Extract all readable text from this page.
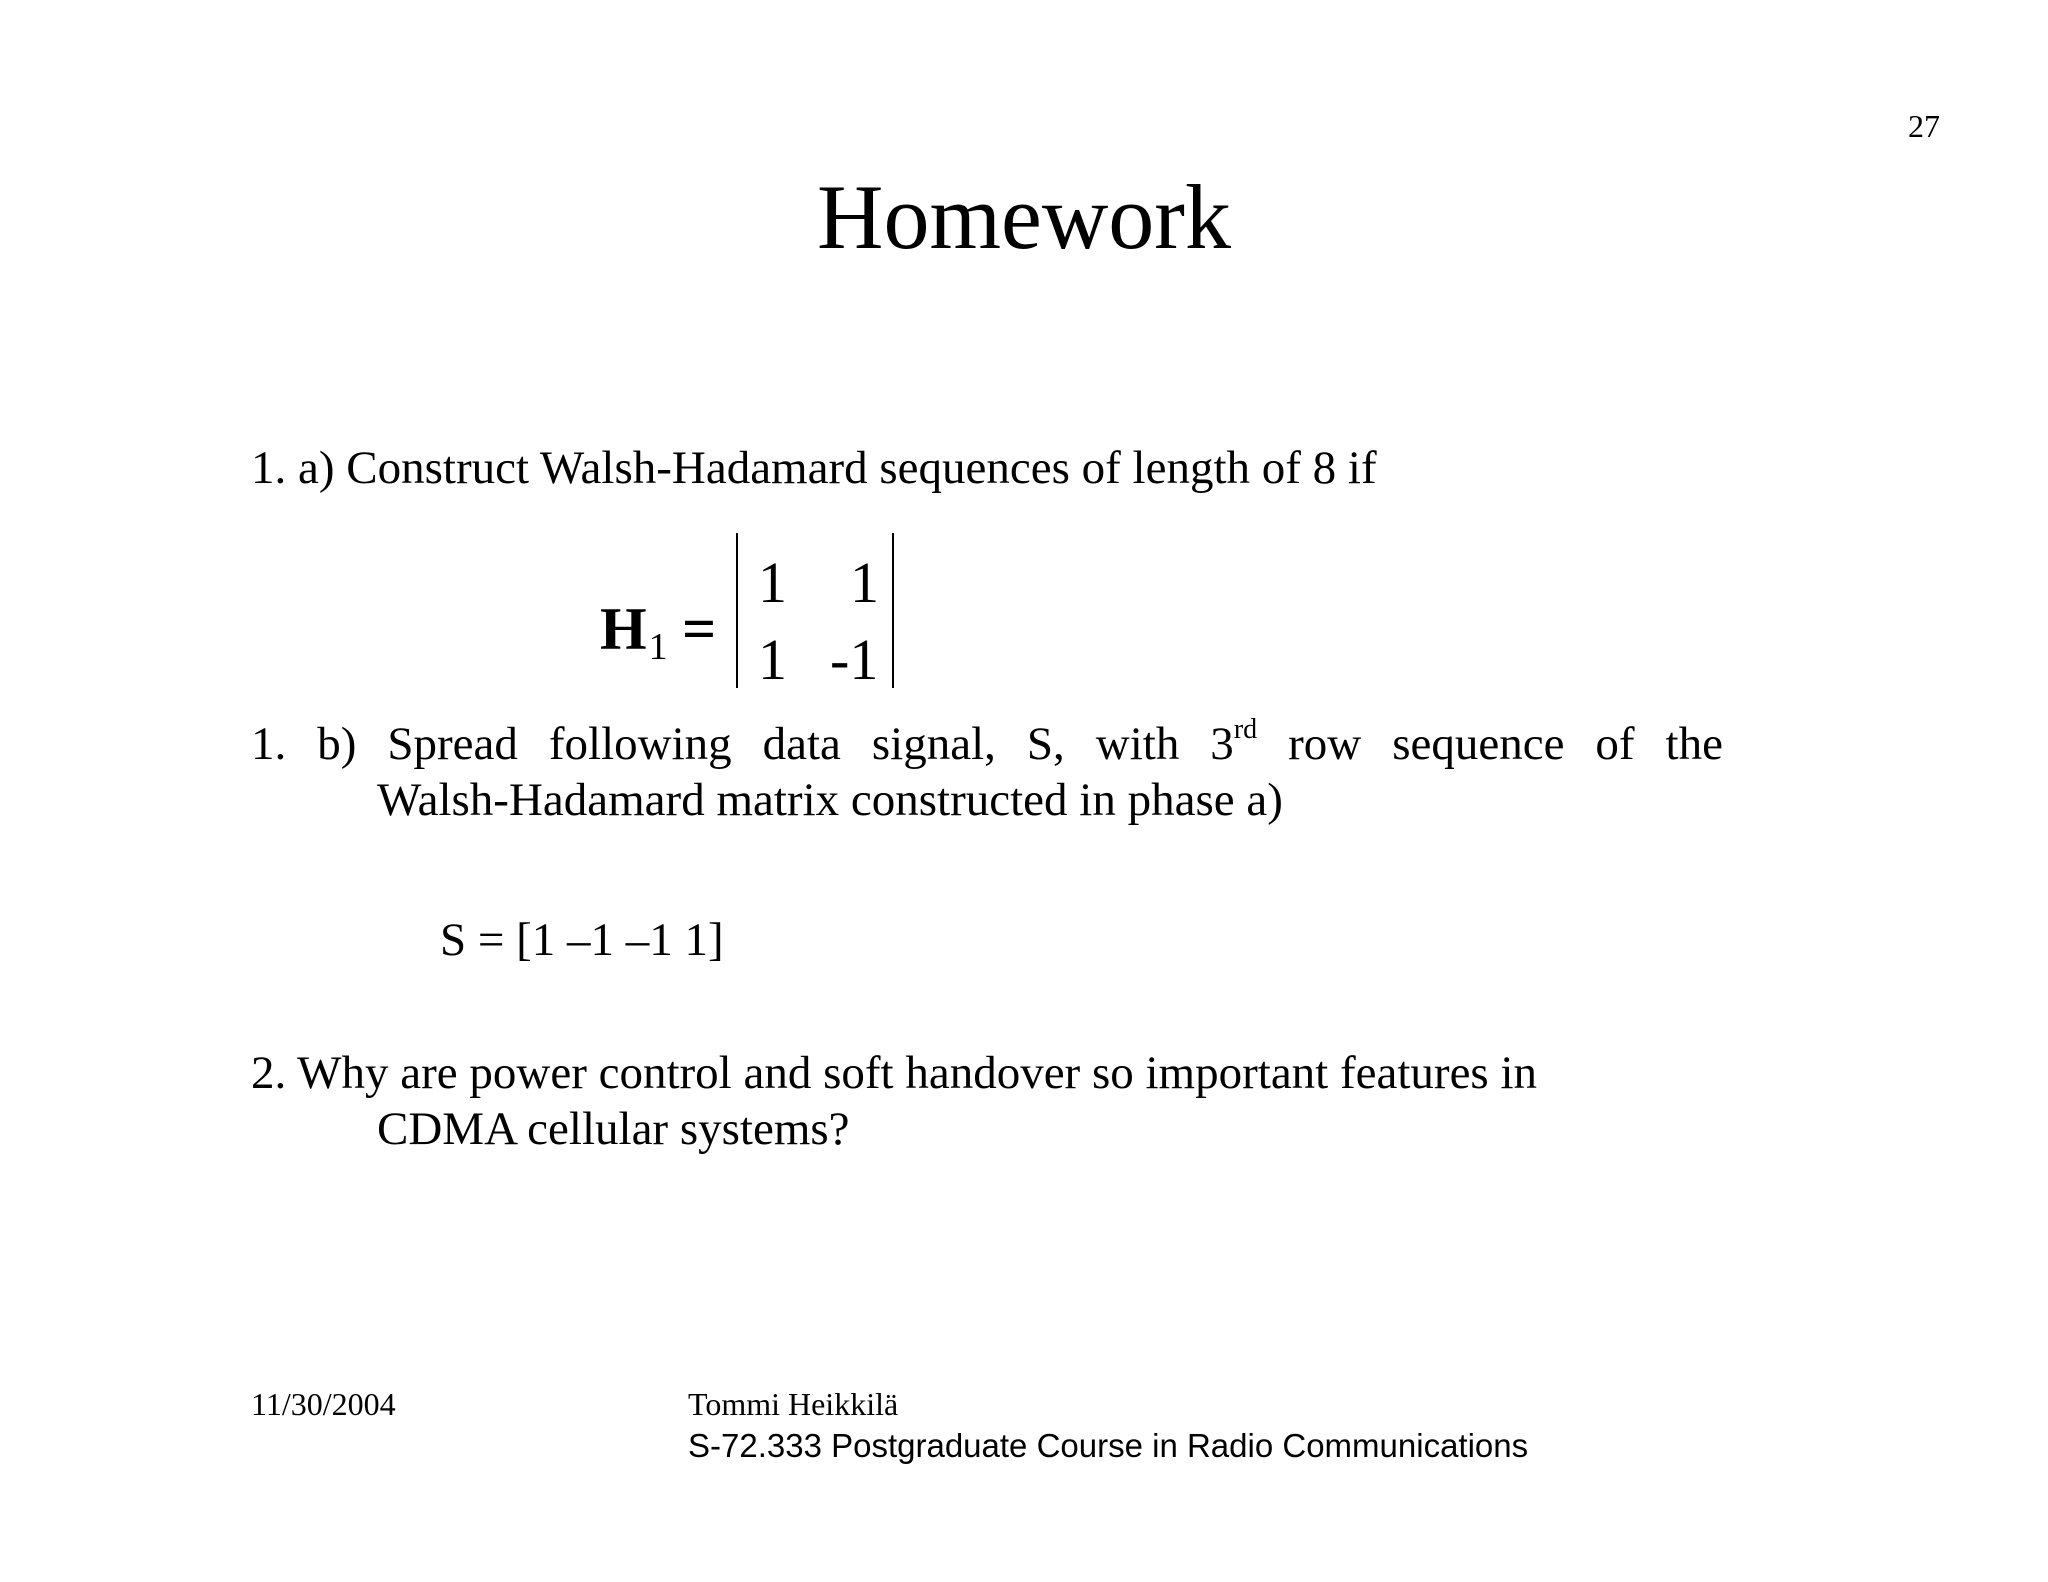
27
Homework
1. a) Construct Walsh-Hadamard sequences of length of 8 if
H1 =
1 1
1 -1
1. b) Spread following data signal, S, with 3rd row sequence of the
Walsh-Hadamard matrix constructed in phase a)
S = [1 –1 –1 1]
2. Why are power control and soft handover so important features in
CDMA cellular systems?
11/30/2004	Tommi Heikkilä
S-72.333 Postgraduate Course in Radio Communications
